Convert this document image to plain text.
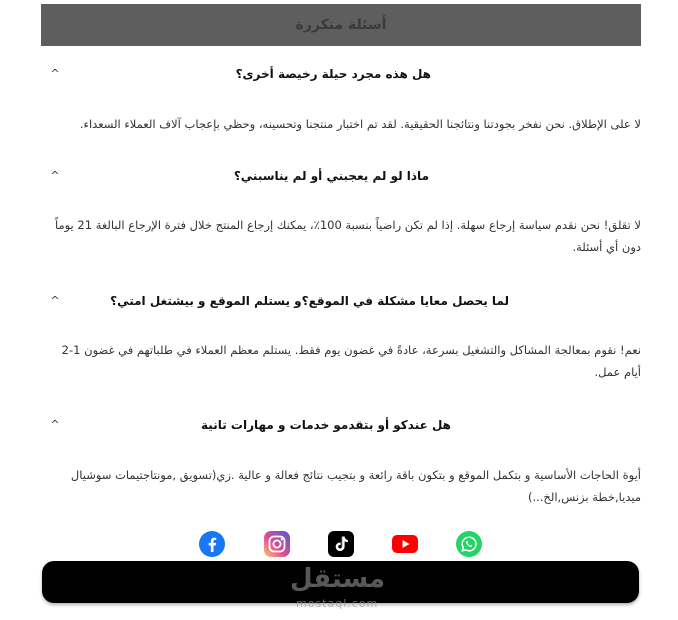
أسئلة متكررة
هل هذه مجرد حيلة رخيصة أخرى؟
^
لا على الإطلاق. نحن نفخر بجودتنا ونتائجنا الحقيقية. لقد تم اختبار منتجنا وتحسينه، وحظي بإعجاب آلاف العملاء السعداء.
ماذا لو لم يعجبني أو لم يناسبني؟
^
لا تقلق! نحن نقدم سياسة إرجاع سهلة. إذا لم تكن راضياً بنسبة 100٪، يمكنك إرجاع المنتج خلال فترة الإرجاع البالغة 21 يوماً دون أي أسئلة.
لما يحصل معايا مشكلة في الموقع؟و يستلم الموقع و بيشتغل امتي؟
^
نعم! نقوم بمعالجة المشاكل والتشغيل بسرعة، عادةً في غضون يوم فقط. يستلم معظم العملاء في طلباتهم في غضون 1-2 أيام عمل.
هل عندكو أو بتقدمو خدمات و مهارات تانية
^
أيوة الحاجات الأساسية و بتكمل الموقع و بتكون باقة رائعة و بتجيب نتائج فعالة و عالية .زي(تسويق ,مونتاجتيمات سوشيال ميديا,خطة بزنس,الخ...)
مستقل
mostaql.com
